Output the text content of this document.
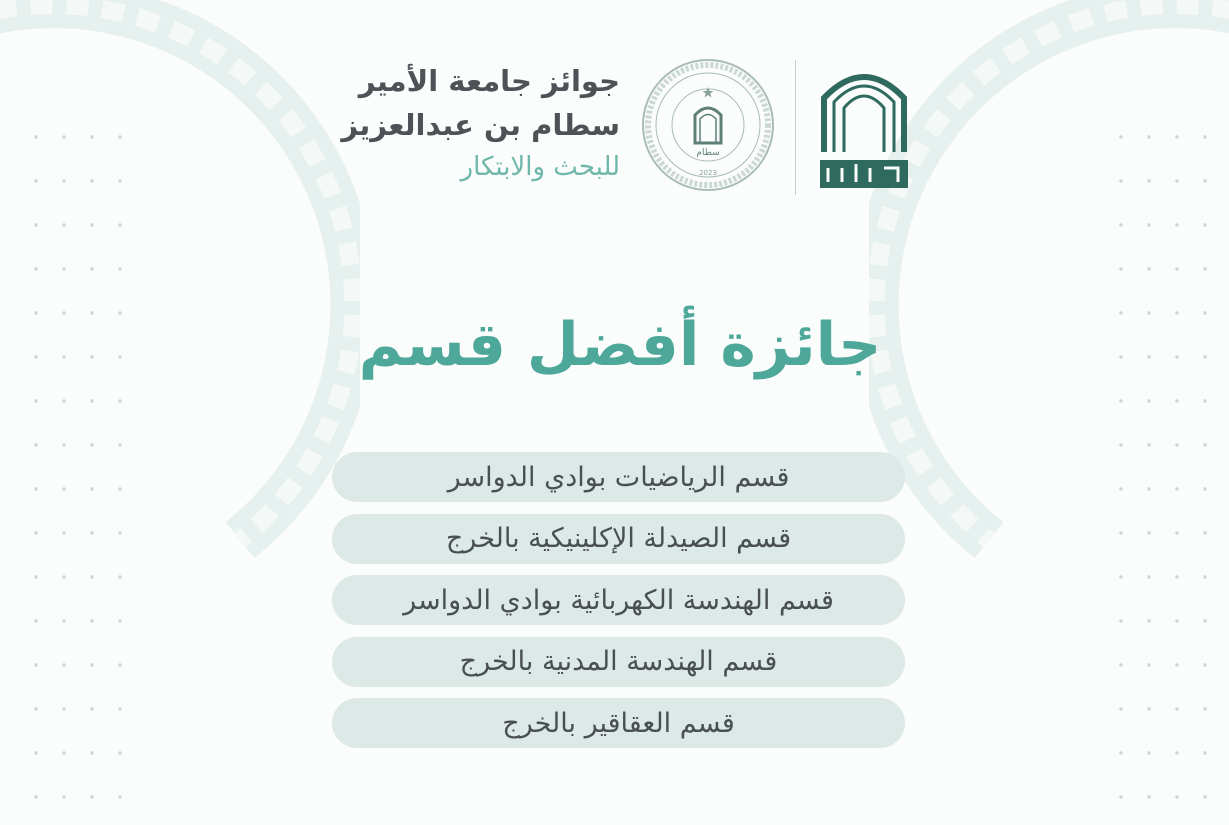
جوائز جامعة الأمير
سطام بن عبدالعزيز
للبحث والابتكار	سطام
2023
جائزة أفضل قسم
قسم الرياضيات بوادي الدواسر
قسم الصيدلة الإكلينيكية بالخرج
قسم الهندسة الكهربائية بوادي الدواسر
قسم الهندسة المدنية بالخرج
قسم العقاقير بالخرج
